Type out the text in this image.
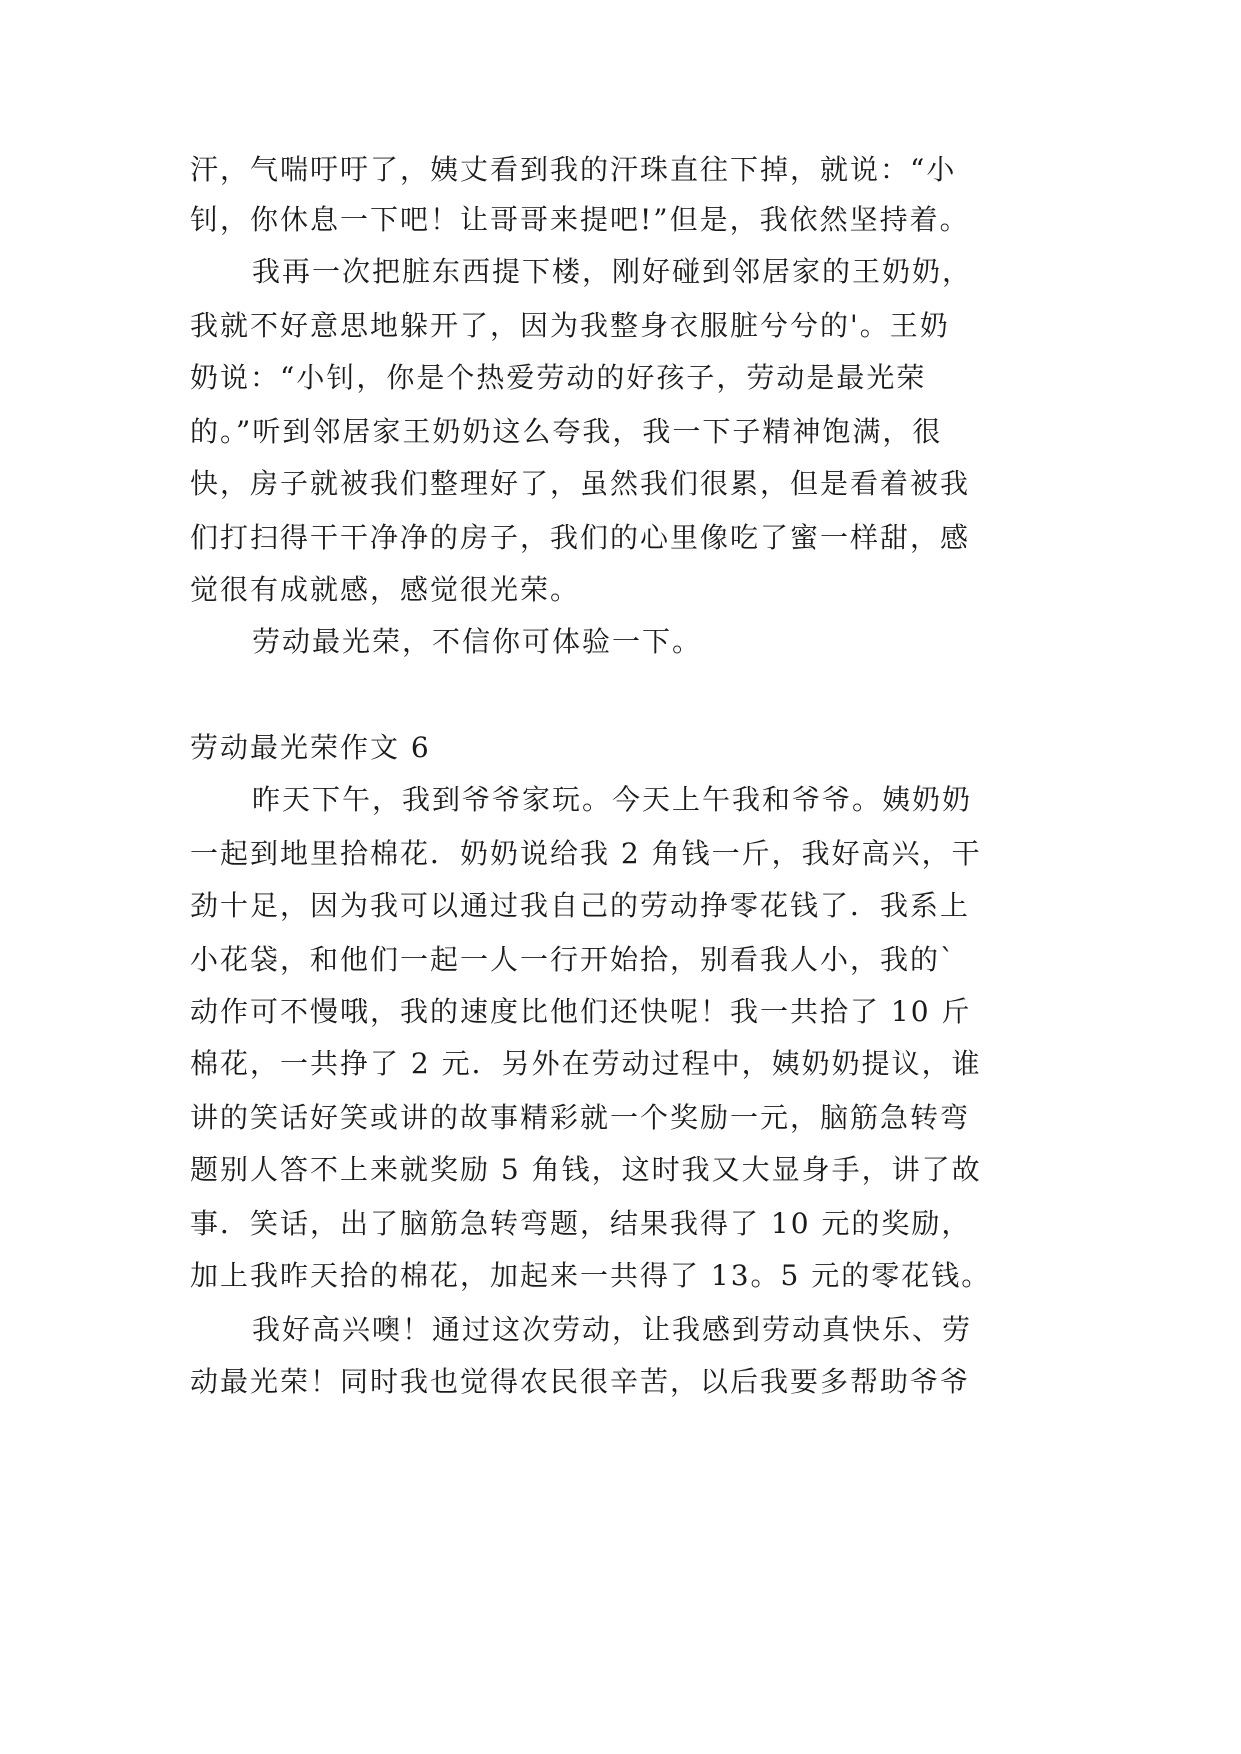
汗，气喘吁吁了，姨丈看到我的汗珠直往下掉，就说：“小
钊，你休息一下吧！让哥哥来提吧!”但是，我依然坚持着。
我再一次把脏东西提下楼，刚好碰到邻居家的王奶奶，
我就不好意思地躲开了，因为我整身衣服脏兮兮的'。王奶
奶说：“小钊，你是个热爱劳动的好孩子，劳动是最光荣
的。”听到邻居家王奶奶这么夸我，我一下子精神饱满，很
快，房子就被我们整理好了，虽然我们很累，但是看着被我
们打扫得干干净净的房子，我们的心里像吃了蜜一样甜，感
觉很有成就感，感觉很光荣。
劳动最光荣，不信你可体验一下。
劳动最光荣作文 6
昨天下午，我到爷爷家玩。今天上午我和爷爷。姨奶奶
一起到地里拾棉花．奶奶说给我 2 角钱一斤，我好高兴，干
劲十足，因为我可以通过我自己的劳动挣零花钱了．我系上
小花袋，和他们一起一人一行开始拾，别看我人小，我的`
动作可不慢哦，我的速度比他们还快呢！我一共拾了 10 斤
棉花，一共挣了 2 元．另外在劳动过程中，姨奶奶提议，谁
讲的笑话好笑或讲的故事精彩就一个奖励一元，脑筋急转弯
题别人答不上来就奖励 5 角钱，这时我又大显身手，讲了故
事．笑话，出了脑筋急转弯题，结果我得了 10 元的奖励，
加上我昨天拾的棉花，加起来一共得了 13。5 元的零花钱。
我好高兴噢！通过这次劳动，让我感到劳动真快乐、劳
动最光荣！同时我也觉得农民很辛苦，以后我要多帮助爷爷
